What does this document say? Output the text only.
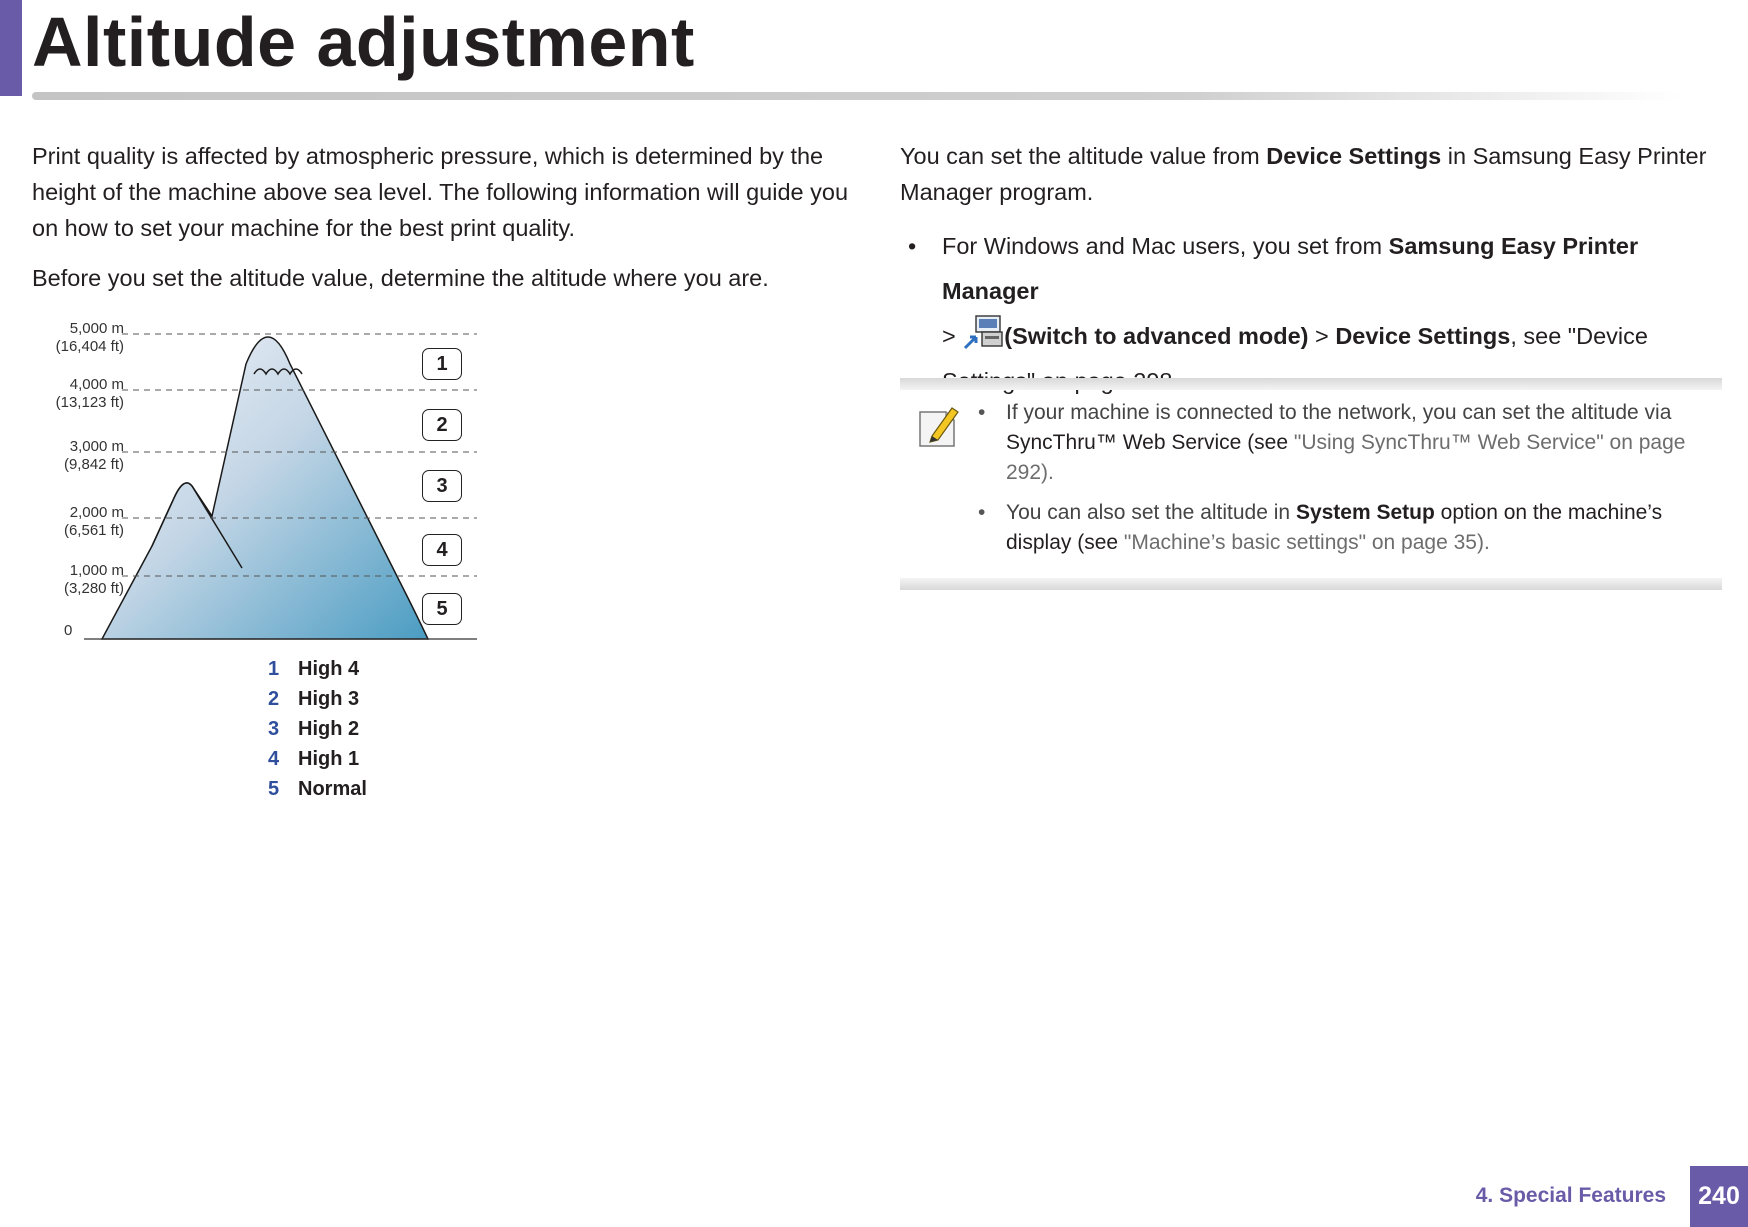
Altitude adjustment

Print quality is affected by atmospheric pressure, which is determined by the height of the machine above sea level. The following information will guide you on how to set your machine for the best print quality.

Before you set the altitude value, determine the altitude where you are.

5,000 m
(16,404 ft)
4,000 m
(13,123 ft)
3,000 m
(9,842 ft)
2,000 m
(6,561 ft)
1,000 m
(3,280 ft)
0
1
2
3
4
5
1 High 4
2 High 3
3 High 2
4 High 1
5 Normal

You can set the altitude value from Device Settings in Samsung Easy Printer Manager program.

• For Windows and Mac users, you set from Samsung Easy Printer Manager
> (Switch to advanced mode) > Device Settings, see "Device
• If your machine is connected to the network, you can set the altitude via SyncThru™ Web Service (see "Using SyncThru™ Web Service" on page 292).
• You can also set the altitude in System Setup option on the machine’s display (see "Machine’s basic settings" on page 35).
4. Special Features	240
